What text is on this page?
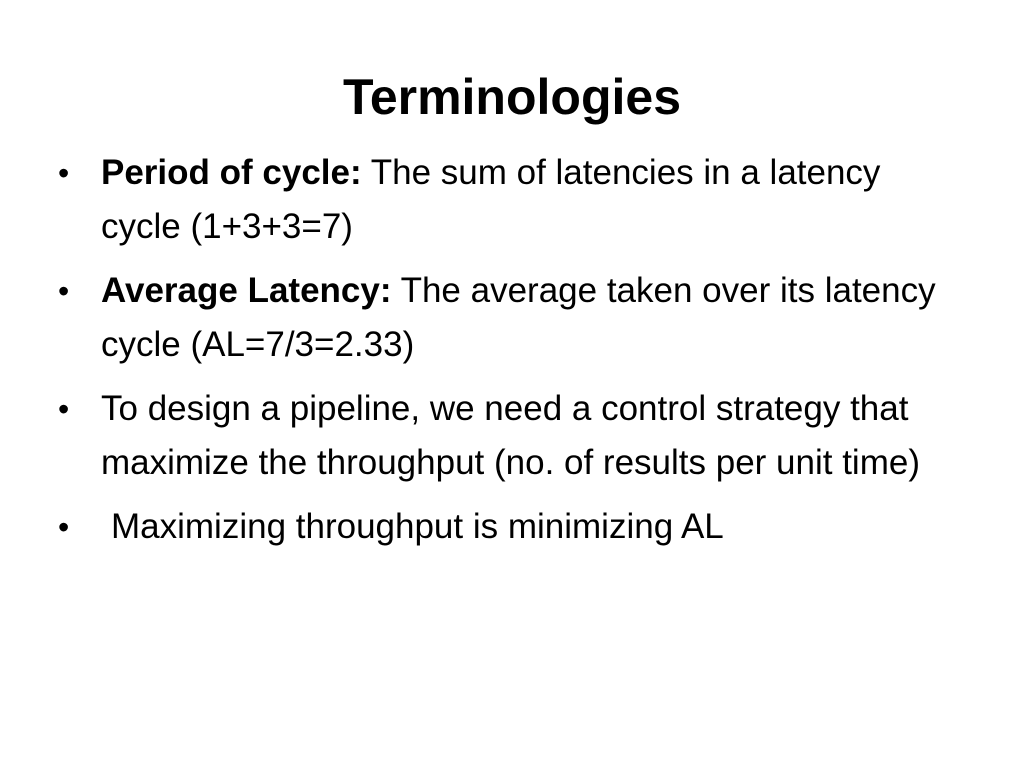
Terminologies
• Period of cycle: The sum of latencies in a latency cycle (1+3+3=7)
• Average Latency: The average taken over its latency cycle (AL=7/3=2.33)
• To design a pipeline, we need a control strategy that maximize the throughput (no. of results per unit time)
• Maximizing throughput is minimizing AL
